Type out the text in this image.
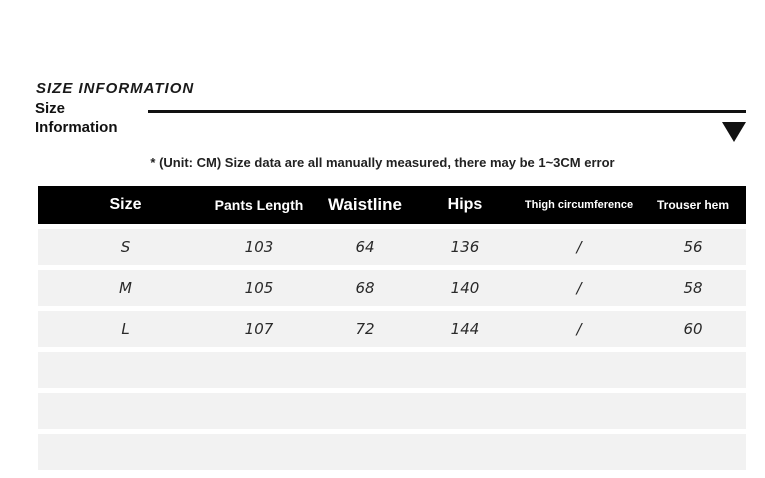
SIZE INFORMATION
Size
Information
* (Unit: CM) Size data are all manually measured, there may be 1~3CM error
Size	Pants Length	Waistline	Hips	Thigh circumference	Trouser hem
S	103	64	136	/	56
M	105	68	140	/	58
L	107	72	144	/	60
